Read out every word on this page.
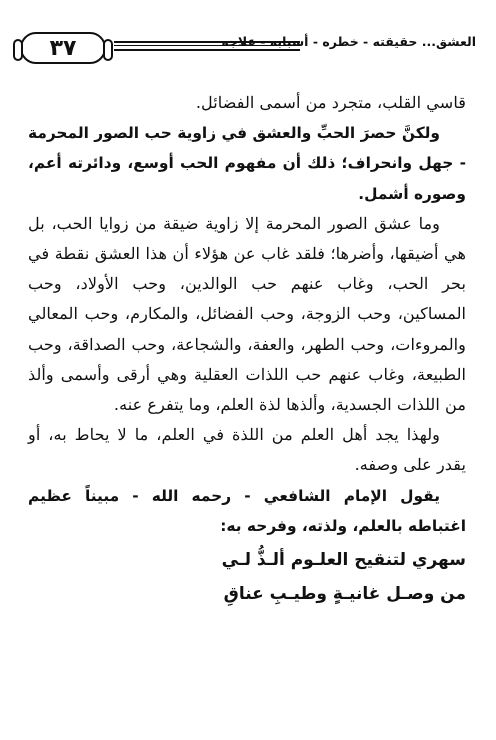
٣٧	العشق... حقيقته - خطره - أسبابه - علاجه

قاسي القلب، متجرد من أسمى الفضائل.

ولكنَّ حصرَ الحبِّ والعشق في زاوية حب الصور المحرمة - جهل وانحراف؛ ذلك أن مفهوم الحب أوسع، ودائرته أعم، وصوره أشمل.

وما عشق الصور المحرمة إلا زاوية ضيقة من زوايا الحب، بل هي أضيقها، وأضرها؛ فلقد غاب عن هؤلاء أن هذا العشق نقطة في بحر الحب، وغاب عنهم حب الوالدين، وحب الأولاد، وحب المساكين، وحب الزوجة، وحب الفضائل، والمكارم، وحب المعالي والمروءات، وحب الطهر، والعفة، والشجاعة، وحب الصداقة، وحب الطبيعة، وغاب عنهم حب اللذات العقلية وهي أرقى وأسمى وألذ من اللذات الجسدية، وألذها لذة العلم، وما يتفرع عنه.

ولهذا يجد أهل العلم من اللذة في العلم، ما لا يحاط به، أو يقدر على وصفه.

يقول الإمام الشافعي - رحمه الله - مبيناً عظيم اغتباطه بالعلم، ولذته، وفرحه به:

سهري لتنقيح العلـوم ألـذُّ لـي
من وصـل غانيـةٍ وطيـبِ عناقِ
